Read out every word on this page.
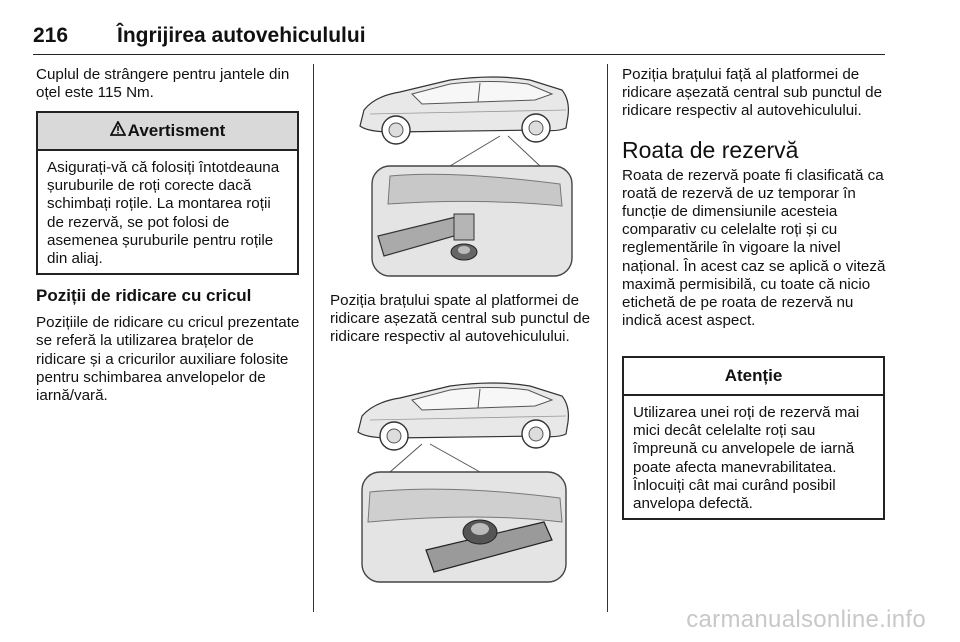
216 Îngrijirea autovehiculului

Cuplul de strângere pentru jantele din oțel este 115 Nm.

Avertisment
Asigurați-vă că folosiți întotdeauna șuruburile de roți corecte dacă schimbați roțile. La montarea roții de rezervă, se pot folosi de asemenea șuruburile pentru roțile din aliaj.
Poziții de ridicare cu cricul

Pozițiile de ridicare cu cricul prezentate se referă la utilizarea brațelor de ridicare și a cricurilor auxiliare folosite pentru schimbarea anvelopelor de iarnă/vară.

Poziția brațului spate al platformei de ridicare așezată central sub punctul de ridicare respectiv al autovehiculului.

Poziția brațului față al platformei de ridicare așezată central sub punctul de ridicare respectiv al autovehiculului.

Roata de rezervă

Roata de rezervă poate fi clasificată ca roată de rezervă de uz temporar în funcție de dimensiunile acesteia comparativ cu celelalte roți și cu reglementările în vigoare la nivel național. În acest caz se aplică o viteză maximă permisibilă, cu toate că nicio etichetă de pe roata de rezervă nu indică acest aspect.

Atenție
Utilizarea unei roți de rezervă mai mici decât celelalte roți sau împreună cu anvelopele de iarnă poate afecta manevrabilitatea. Înlocuiți cât mai curând posibil anvelopa defectă.
carmanualsonline.info
